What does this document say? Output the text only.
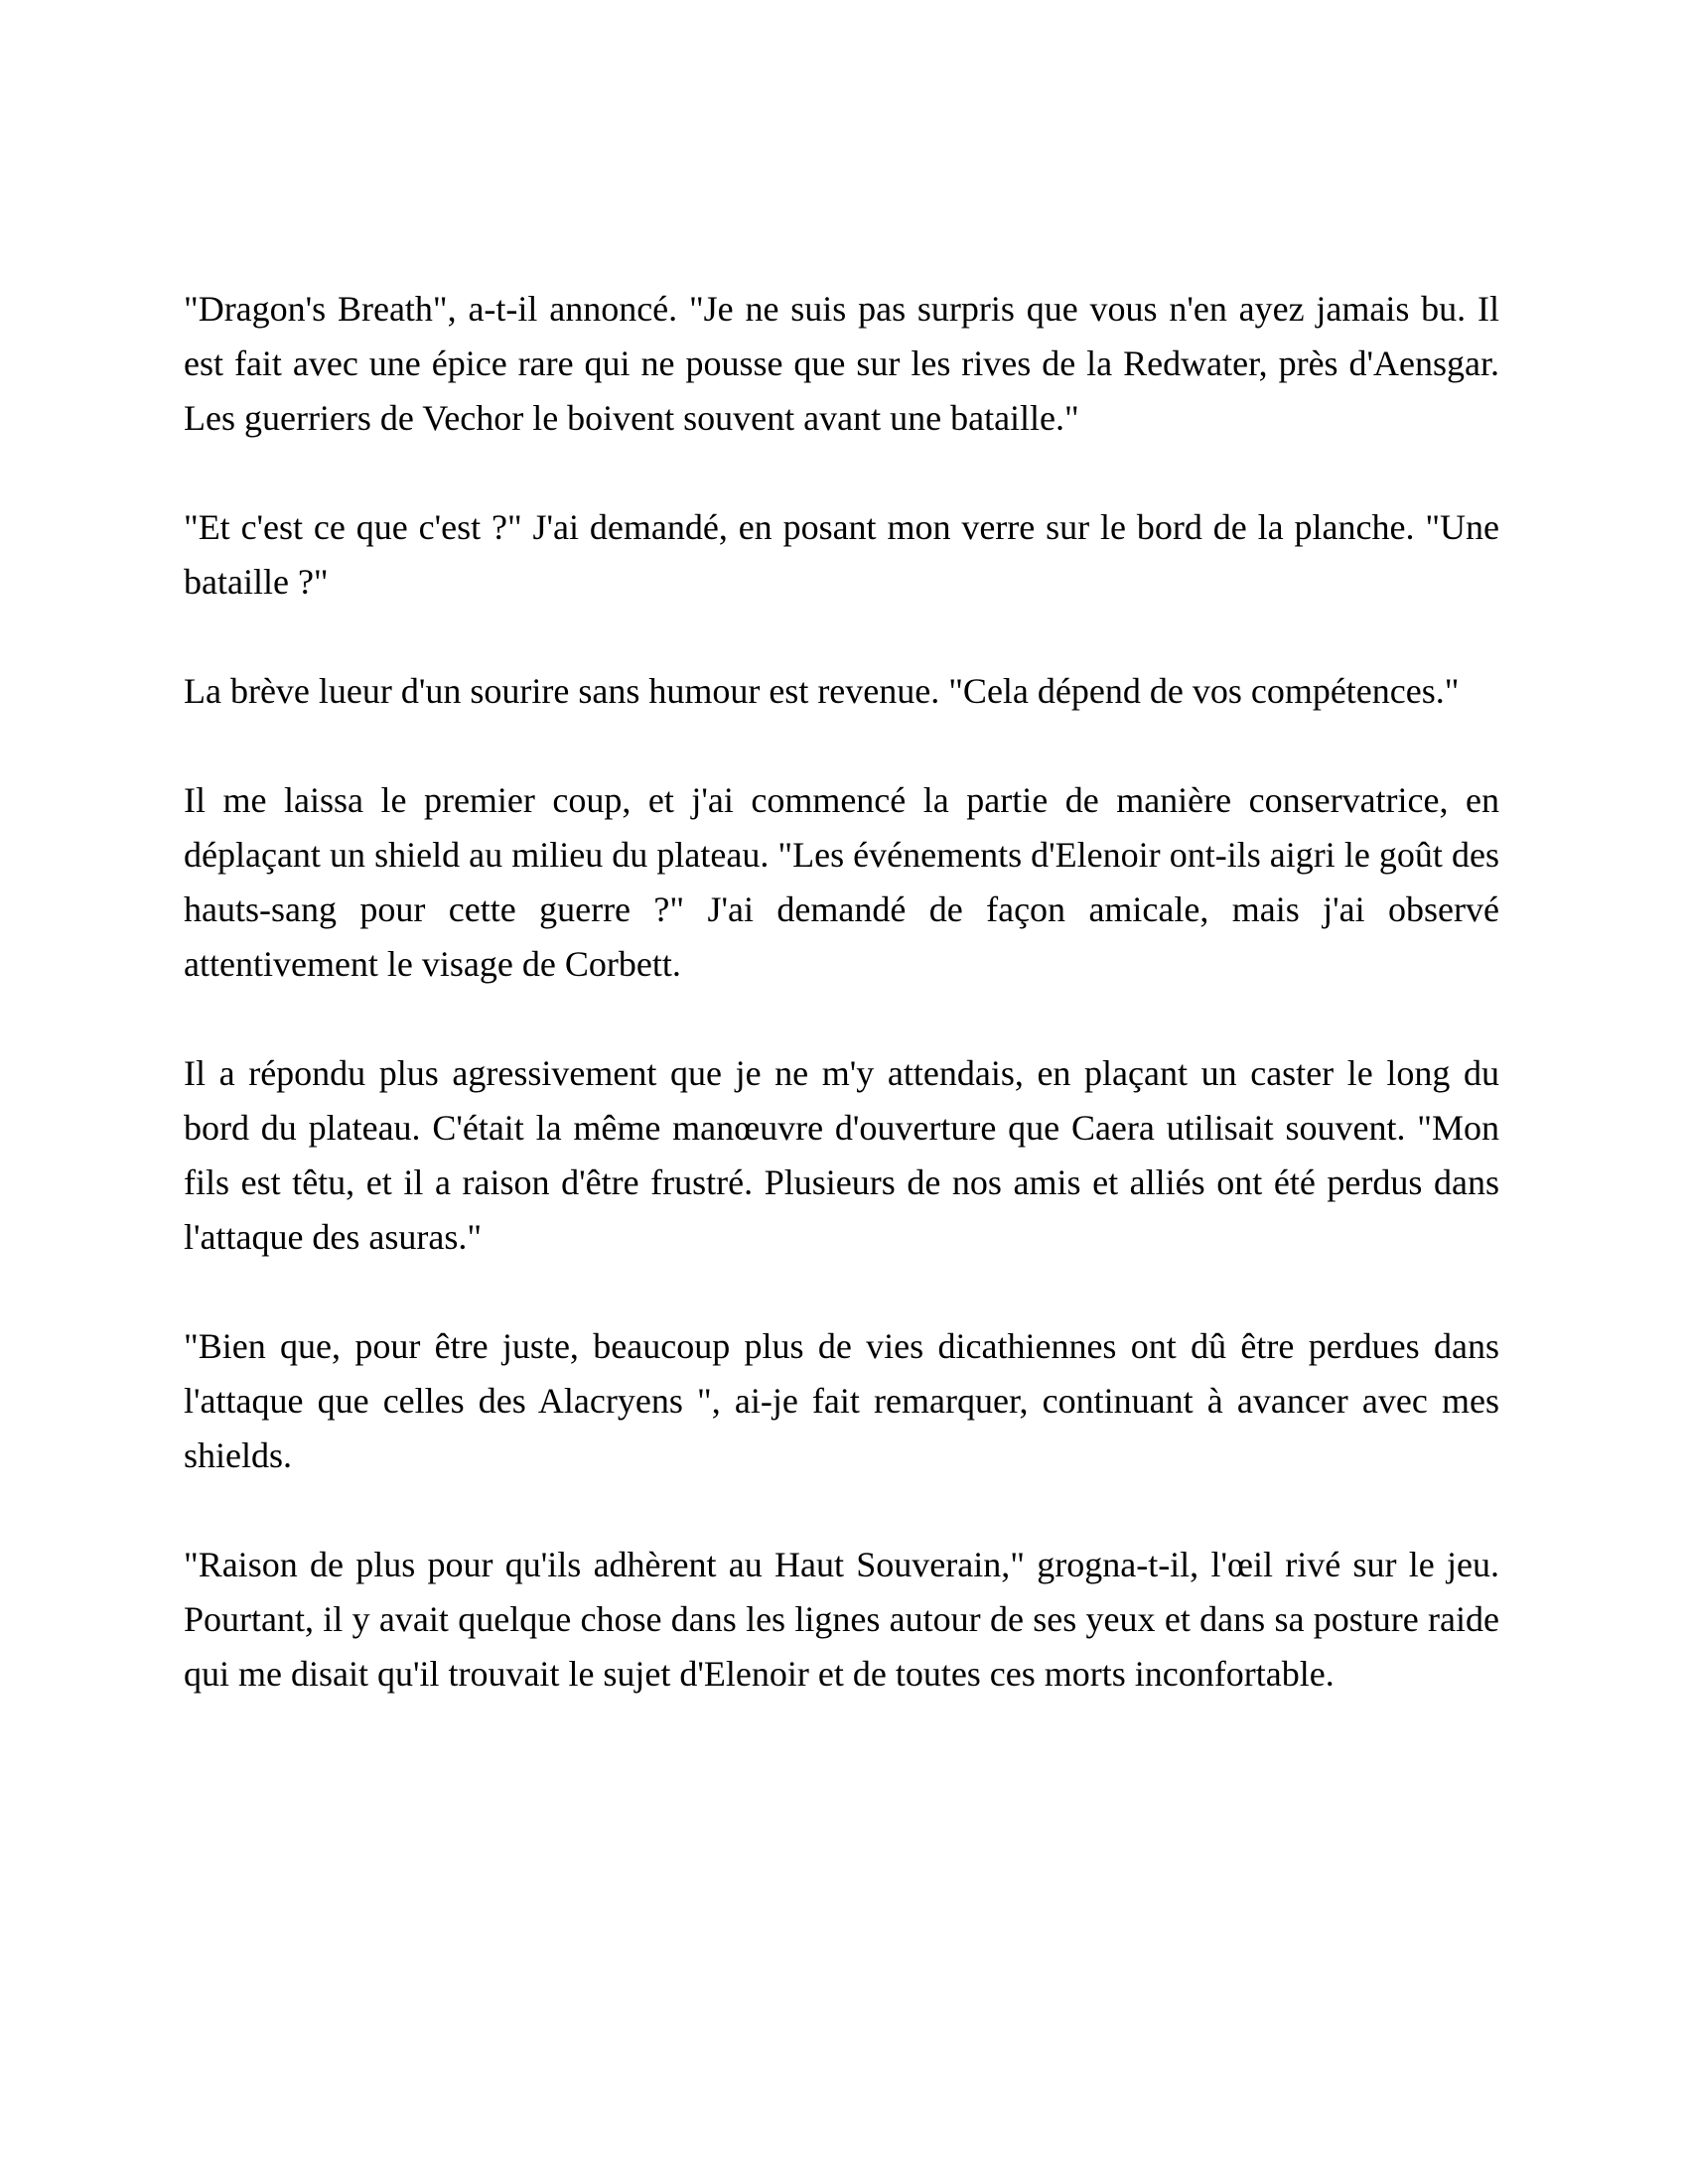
"Dragon's Breath", a-t-il annoncé. "Je ne suis pas surpris que vous n'en ayez jamais bu. Il est fait avec une épice rare qui ne pousse que sur les rives de la Redwater, près d'Aensgar. Les guerriers de Vechor le boivent souvent avant une bataille."

"Et c'est ce que c'est ?" J'ai demandé, en posant mon verre sur le bord de la planche. "Une bataille ?"

La brève lueur d'un sourire sans humour est revenue. "Cela dépend de vos compétences."

Il me laissa le premier coup, et j'ai commencé la partie de manière conservatrice, en déplaçant un shield au milieu du plateau. "Les événements d'Elenoir ont-ils aigri le goût des hauts-sang pour cette guerre ?" J'ai demandé de façon amicale, mais j'ai observé attentivement le visage de Corbett.

Il a répondu plus agressivement que je ne m'y attendais, en plaçant un caster le long du bord du plateau. C'était la même manœuvre d'ouverture que Caera utilisait souvent. "Mon fils est têtu, et il a raison d'être frustré. Plusieurs de nos amis et alliés ont été perdus dans l'attaque des asuras."

"Bien que, pour être juste, beaucoup plus de vies dicathiennes ont dû être perdues dans l'attaque que celles des Alacryens ", ai-je fait remarquer, continuant à avancer avec mes shields.

"Raison de plus pour qu'ils adhèrent au Haut Souverain," grogna-t-il, l'œil rivé sur le jeu. Pourtant, il y avait quelque chose dans les lignes autour de ses yeux et dans sa posture raide qui me disait qu'il trouvait le sujet d'Elenoir et de toutes ces morts inconfortable.
